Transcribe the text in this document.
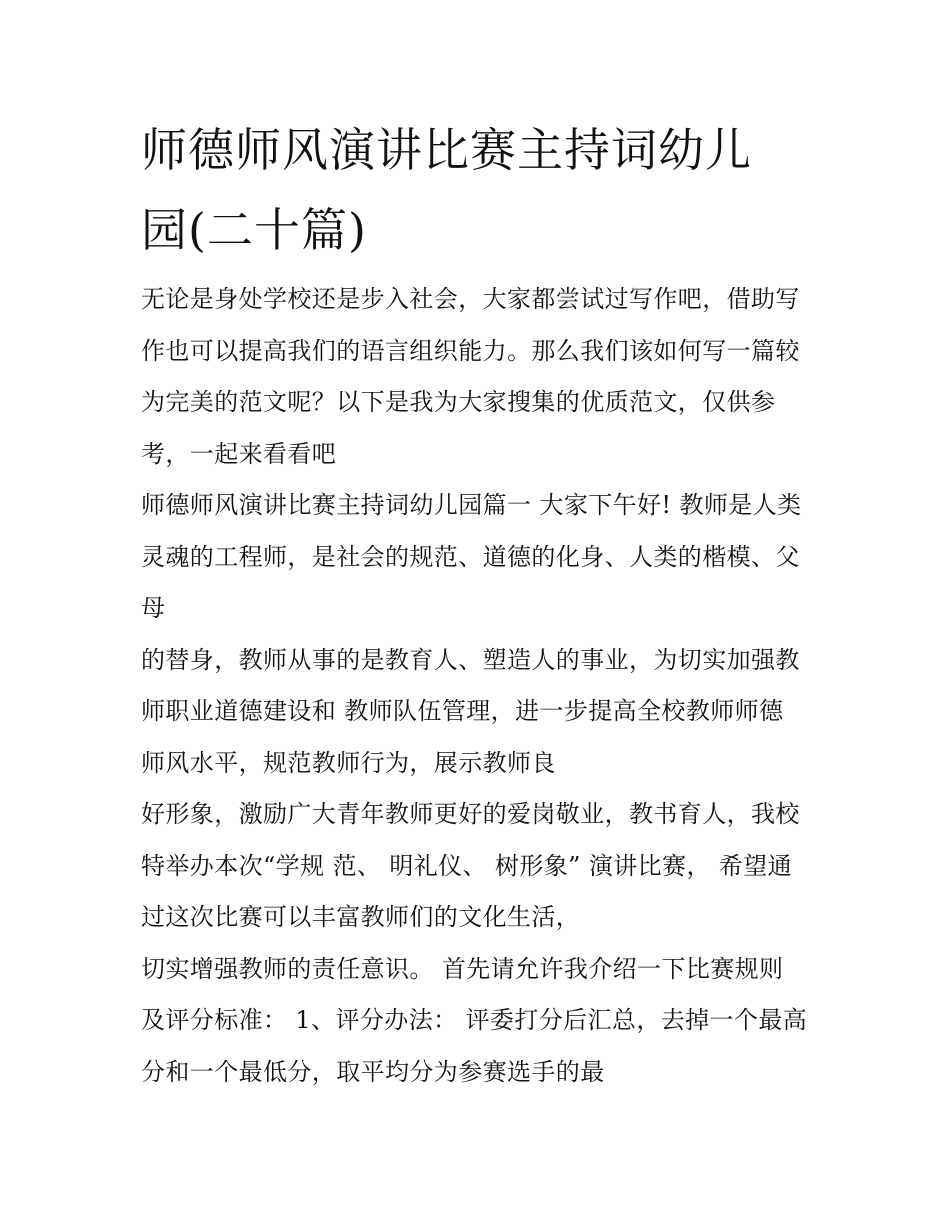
师德师风演讲比赛主持词幼儿
园(二十篇)
无论是身处学校还是步入社会，大家都尝试过写作吧，借助写
作也可以提高我们的语言组织能力。那么我们该如何写一篇较
为完美的范文呢？以下是我为大家搜集的优质范文，仅供参
考，一起来看看吧
师德师风演讲比赛主持词幼儿园篇一 大家下午好! 教师是人类
灵魂的工程师，是社会的规范、道德的化身、人类的楷模、父
母
的替身，教师从事的是教育人、塑造人的事业，为切实加强教
师职业道德建设和 教师队伍管理，进一步提高全校教师师德
师风水平，规范教师行为，展示教师良
好形象，激励广大青年教师更好的爱岗敬业，教书育人，我校
特举办本次“学规 范、 明礼仪、 树形象” 演讲比赛， 希望通
过这次比赛可以丰富教师们的文化生活，
切实增强教师的责任意识。 首先请允许我介绍一下比赛规则
及评分标准： 1、评分办法： 评委打分后汇总，去掉一个最高
分和一个最低分，取平均分为参赛选手的最
